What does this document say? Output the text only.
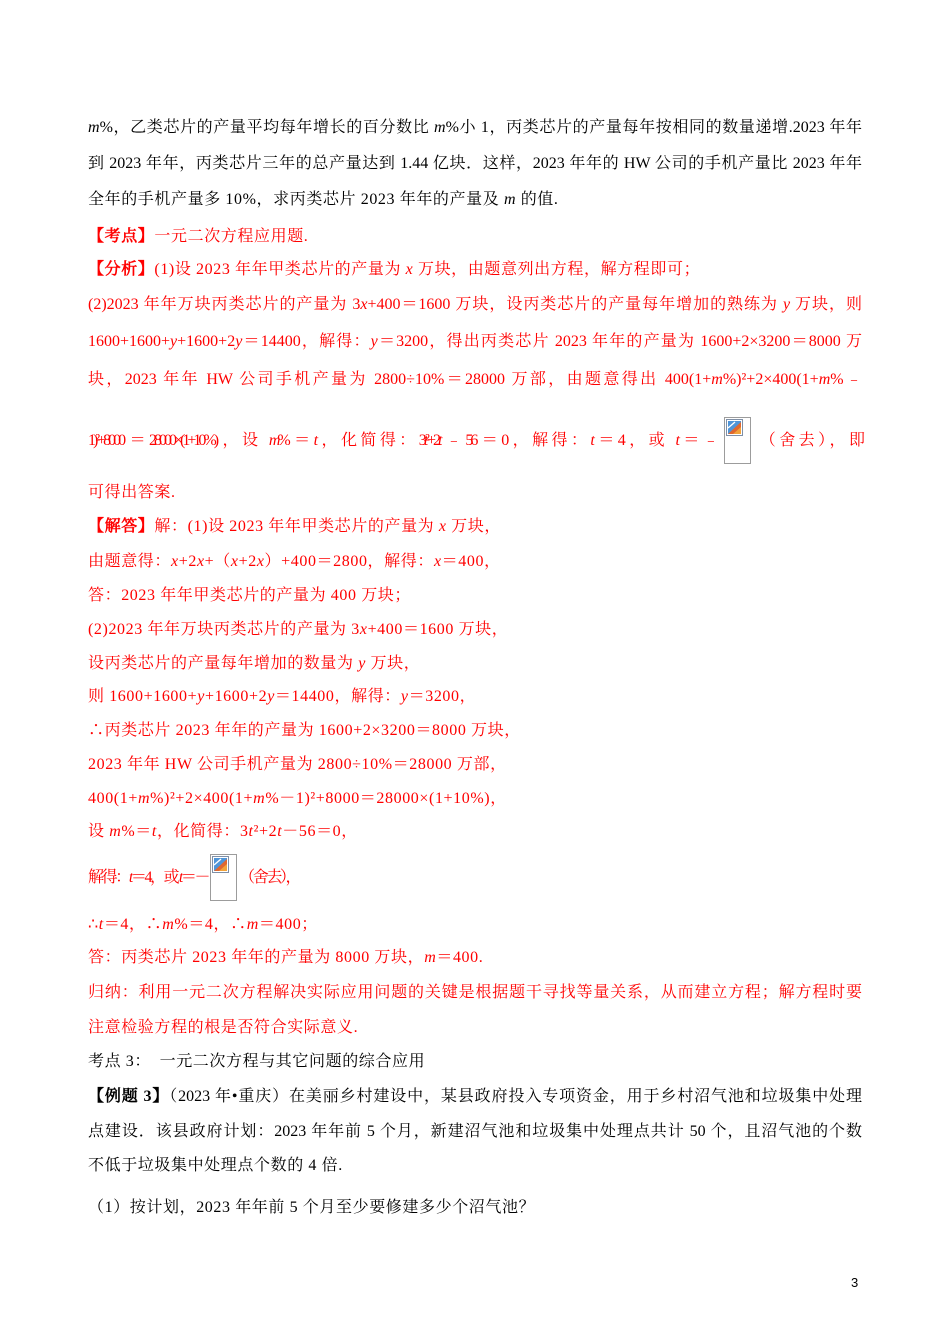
m%，乙类芯片的产量平均每年增长的百分数比 m%小 1，丙类芯片的产量每年按相同的数量递增.2023 年年
到 2023 年年，丙类芯片三年的总产量达到 1.44 亿块．这样，2023 年年的 HW 公司的手机产量比 2023 年年
全年的手机产量多 10%，求丙类芯片 2023 年年的产量及 m 的值.
【考点】一元二次方程应用题.
【分析】(1)设 2023 年年甲类芯片的产量为 x 万块，由题意列出方程，解方程即可；
(2)2023 年年万块丙类芯片的产量为 3x+400＝1600 万块，设丙类芯片的产量每年增加的熟练为 y 万块，则
1600+1600+y+1600+2y＝14400，解得：y＝3200，得出丙类芯片 2023 年年的产量为 1600+2×3200＝8000 万
块，2023 年年 HW 公司手机产量为 2800÷10%＝28000 万部，由题意得出 400(1+m%)²+2×400(1+m%﹣
1)²+8000＝28000×(1+10%)，设 m%＝t，化简得：3t²+2t﹣56＝0，解得：t＝4，或 t＝﹣ （舍去），即
可得出答案.
【解答】解：(1)设 2023 年年甲类芯片的产量为 x 万块，
由题意得：x+2x+（x+2x）+400＝2800，解得：x＝400，
答：2023 年年甲类芯片的产量为 400 万块；
(2)2023 年年万块丙类芯片的产量为 3x+400＝1600 万块，
设丙类芯片的产量每年增加的数量为 y 万块，
则 1600+1600+y+1600+2y＝14400，解得：y＝3200，
∴丙类芯片 2023 年年的产量为 1600+2×3200＝8000 万块，
2023 年年 HW 公司手机产量为 2800÷10%＝28000 万部，
400(1+m%)²+2×400(1+m%－1)²+8000＝28000×(1+10%)，
设 m%＝t，化简得：3t²+2t－56＝0，
解得：t＝4，或 t＝－ （舍去），
∴t＝4，∴m%＝4，∴m＝400；
答：丙类芯片 2023 年年的产量为 8000 万块，m＝400.
归纳：利用一元二次方程解决实际应用问题的关键是根据题干寻找等量关系，从而建立方程；解方程时要
注意检验方程的根是否符合实际意义.
考点 3：　一元二次方程与其它问题的综合应用
【例题 3】（2023 年•重庆）在美丽乡村建设中，某县政府投入专项资金，用于乡村沼气池和垃圾集中处理
点建设．该县政府计划：2023 年年前 5 个月，新建沼气池和垃圾集中处理点共计 50 个，且沼气池的个数
不低于垃圾集中处理点个数的 4 倍.
（1）按计划，2023 年年前 5 个月至少要修建多少个沼气池？
3
